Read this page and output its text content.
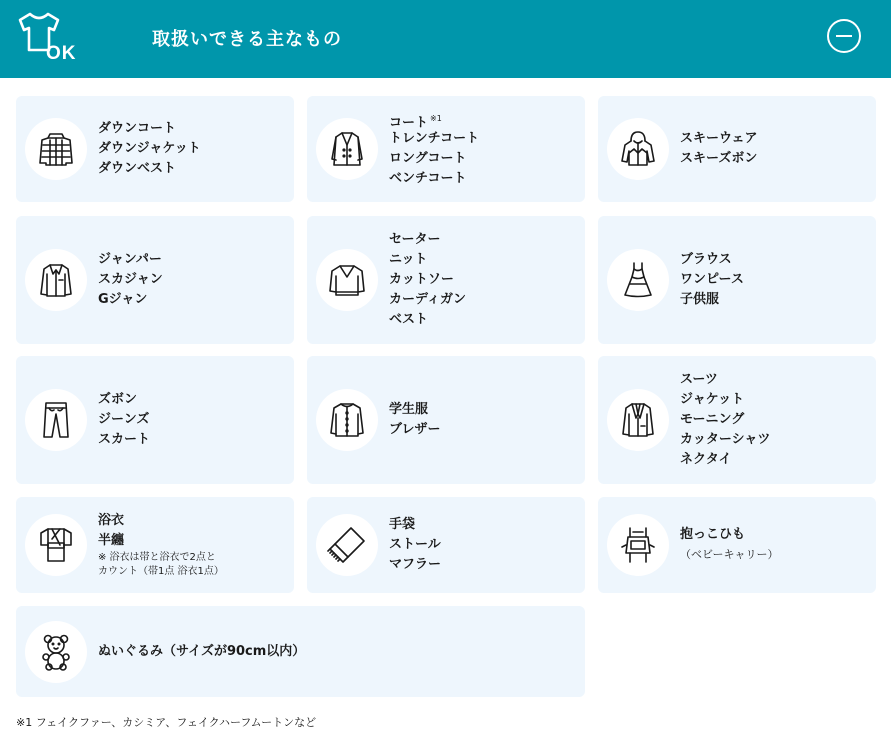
OK
取扱いできる主なもの
ダウンコート
ダウンジャケット
ダウンベスト
コート $^{※1}$
トレンチコート
ロングコート
ベンチコート
スキーウェア
スキーズボン
ジャンパー
スカジャン
Gジャン
セーター
ニット
カットソー
カーディガン
ベスト
ブラウス
ワンピース
子供服
ズボン
ジーンズ
スカート
学生服
ブレザー
スーツ
ジャケット
モーニング
カッターシャツ
ネクタイ
浴衣
半纏
※ 浴衣は帯と浴衣で2点と
カウント（帯1点 浴衣1点）
手袋
ストール
マフラー
抱っこひも
（ベビーキャリー）
ぬいぐるみ（サイズが90cm以内）
※1 フェイクファー、カシミア、フェイクハーフムートンなど
